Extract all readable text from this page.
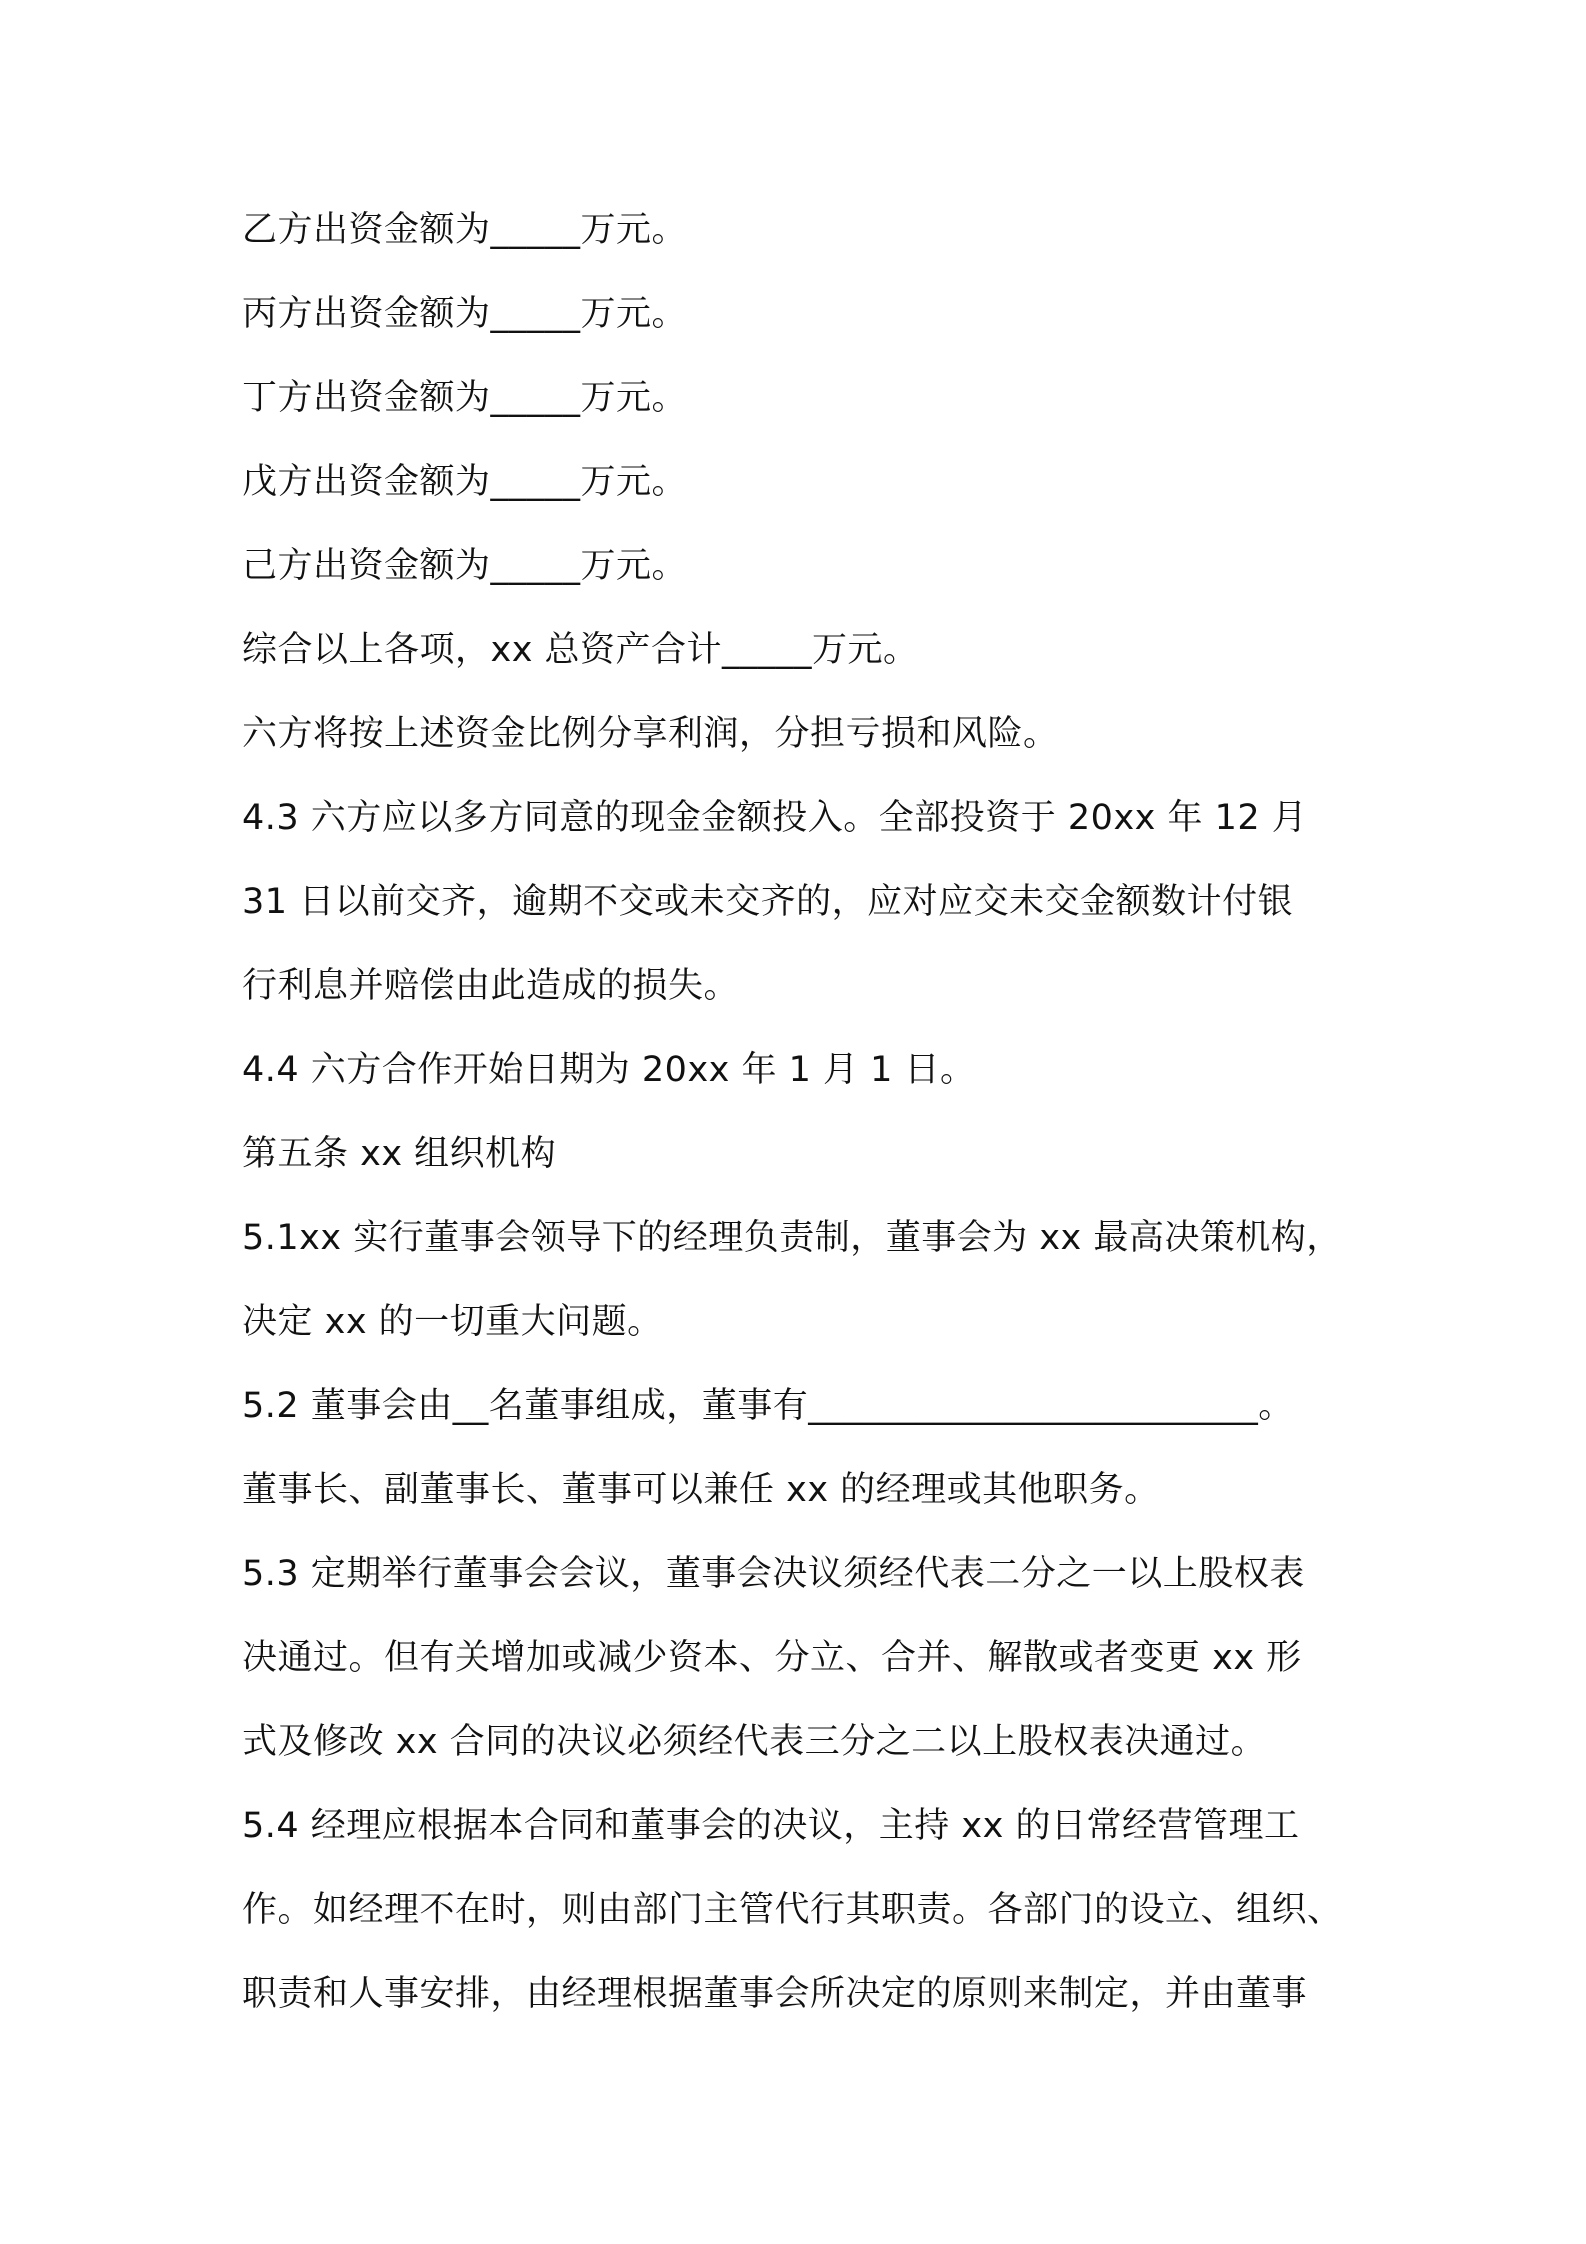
乙方出资金额为_____万元。
丙方出资金额为_____万元。
丁方出资金额为_____万元。
戊方出资金额为_____万元。
己方出资金额为_____万元。
综合以上各项，xx 总资产合计_____万元。
六方将按上述资金比例分享利润，分担亏损和风险。
4.3 六方应以多方同意的现金金额投入。全部投资于 20xx 年 12 月
31 日以前交齐，逾期不交或未交齐的，应对应交未交金额数计付银
行利息并赔偿由此造成的损失。
4.4 六方合作开始日期为 20xx 年 1 月 1 日。
第五条 xx 组织机构
5.1xx 实行董事会领导下的经理负责制，董事会为 xx 最高决策机构，
决定 xx 的一切重大问题。
5.2 董事会由__名董事组成，董事有_________________________。
董事长、副董事长、董事可以兼任 xx 的经理或其他职务。
5.3 定期举行董事会会议，董事会决议须经代表二分之一以上股权表
决通过。但有关增加或减少资本、分立、合并、解散或者变更 xx 形
式及修改 xx 合同的决议必须经代表三分之二以上股权表决通过。
5.4 经理应根据本合同和董事会的决议，主持 xx 的日常经营管理工
作。如经理不在时，则由部门主管代行其职责。各部门的设立、组织、
职责和人事安排，由经理根据董事会所决定的原则来制定，并由董事
